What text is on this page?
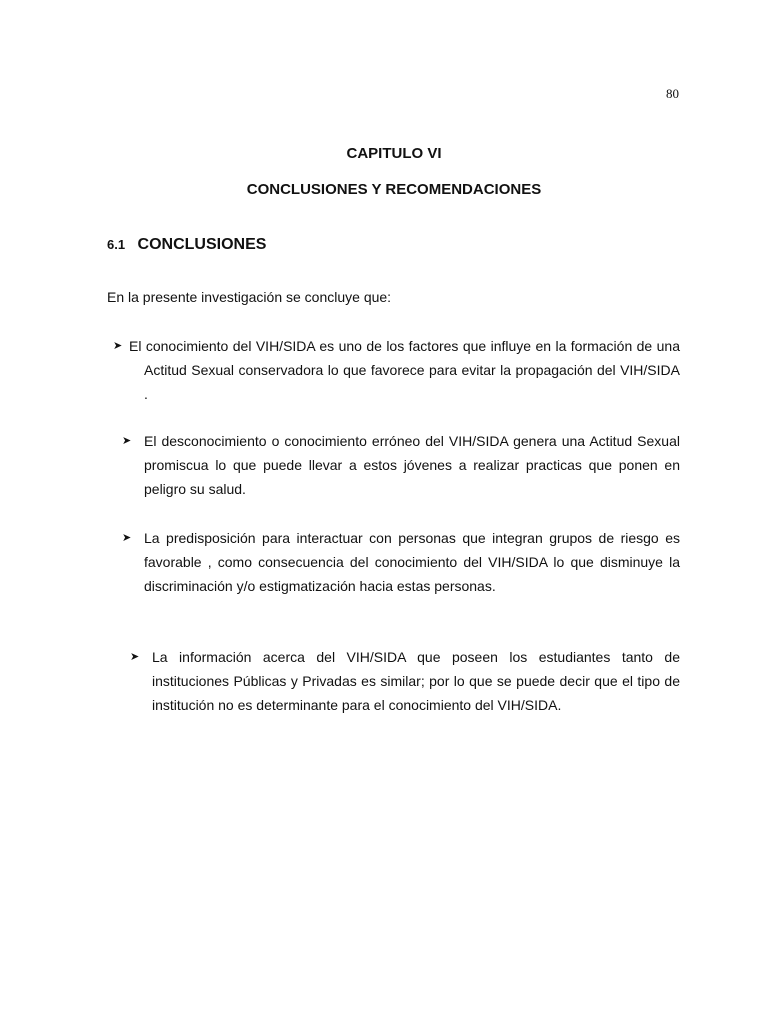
80
CAPITULO VI
CONCLUSIONES Y RECOMENDACIONES
6.1 CONCLUSIONES
En la presente investigación se concluye que:
➤ El conocimiento del VIH/SIDA es uno de los factores que influye en la formación de una Actitud Sexual conservadora lo que favorece para evitar la propagación del VIH/SIDA .
➤ El desconocimiento o conocimiento erróneo del VIH/SIDA genera una Actitud Sexual promiscua lo que puede llevar a estos jóvenes a realizar practicas que ponen en peligro su salud.
➤ La predisposición para interactuar con personas que integran grupos de riesgo es favorable , como consecuencia del conocimiento del VIH/SIDA lo que disminuye la discriminación y/o estigmatización hacia estas personas.
➤ La información acerca del VIH/SIDA que poseen los estudiantes tanto de instituciones Públicas y Privadas es similar; por lo que se puede decir que el tipo de institución no es determinante para el conocimiento del VIH/SIDA.
